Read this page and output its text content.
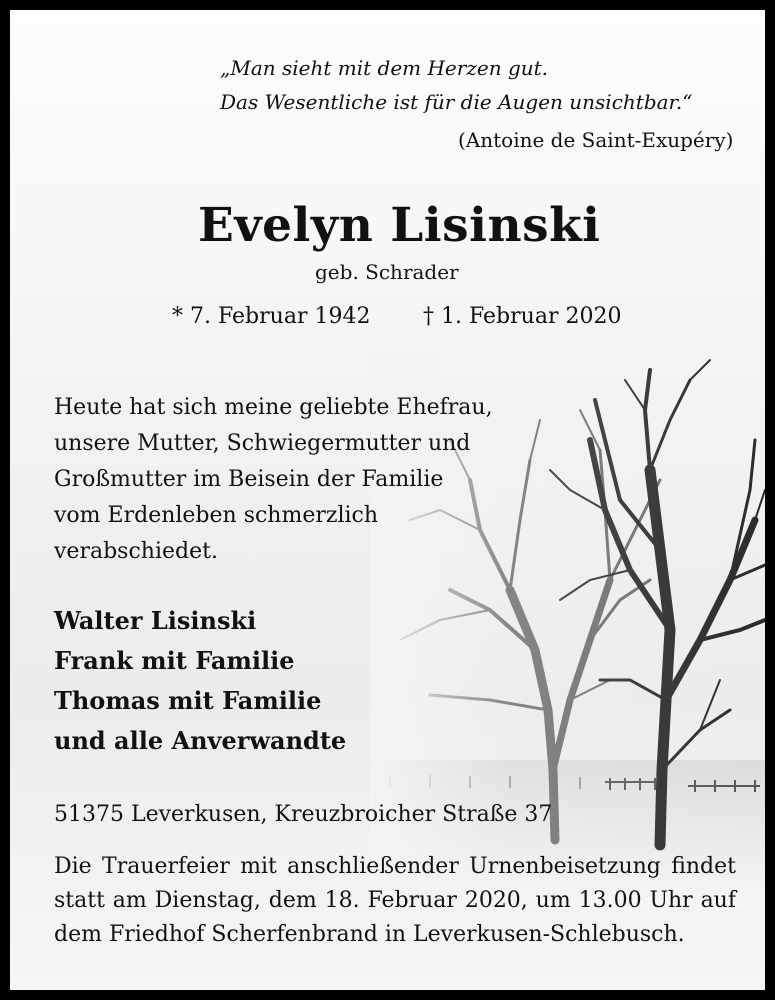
„Man sieht mit dem Herzen gut.
Das Wesentliche ist für die Augen unsichtbar.“
(Antoine de Saint-Exupéry)
Evelyn Lisinski
geb. Schrader
* 7. Februar 1942 † 1. Februar 2020
Heute hat sich meine geliebte Ehefrau,
unsere Mutter, Schwiegermutter und
Großmutter im Beisein der Familie
vom Erdenleben schmerzlich
verabschiedet.
Walter Lisinski
Frank mit Familie
Thomas mit Familie
und alle Anverwandte
51375 Leverkusen, Kreuzbroicher Straße 37
Die Trauerfeier mit anschließender Urnenbeisetzung findet
statt am Dienstag, dem 18. Februar 2020, um 13.00 Uhr auf
dem Friedhof Scherfenbrand in Leverkusen-Schlebusch.
